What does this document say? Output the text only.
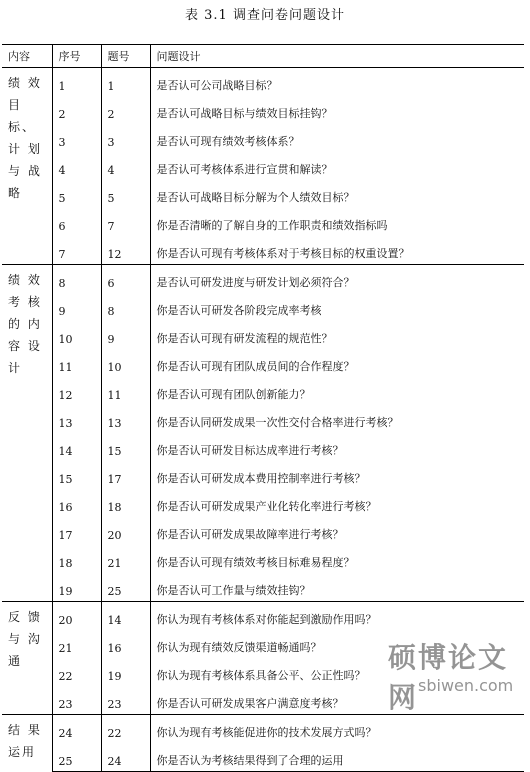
表 3.1 调查问卷问题设计
内容	序号	题号	问题设计
绩 效 目标、计 划 与 战 略	1	1	是否认可公司战略目标？
	2	2	是否认可战略目标与绩效目标挂钩？
	3	3	是否认可现有绩效考核体系？
	4	4	是否认可考核体系进行宣贯和解读？
	5	5	是否认可战略目标分解为个人绩效目标？
	6	7	你是否清晰的了解自身的工作职责和绩效指标吗
	7	12	你是否认可现有考核体系对于考核目标的权重设置？
绩 效 考 核 的 内 容 设 计	8	6	是否认可研发进度与研发计划必须符合？
	9	8	你是否认可研发各阶段完成率考核
	10	9	你是否认可现有研发流程的规范性？
	11	10	你是否认可现有团队成员间的合作程度？
	12	11	你是否认可现有团队创新能力？
	13	13	你是否认同研发成果一次性交付合格率进行考核？
	14	15	你是否认可研发目标达成率进行考核？
	15	17	你是否认可研发成本费用控制率进行考核？
	16	18	你是否认可研发成果产业化转化率进行考核？
	17	20	你是否认可研发成果故障率进行考核？
	18	21	你是否认可现有绩效考核目标难易程度？
	19	25	你是否认可工作量与绩效挂钩？
反 馈 与 沟 通	20	14	你认为现有考核体系对你能起到激励作用吗？
	21	16	你认为现有绩效反馈渠道畅通吗？
	22	19	你认为现有考核体系具备公平、公正性吗？
	23	23	你是否认可研发成果客户满意度考核？
结 果 运用	24	22	你认为现有考核能促进你的技术发展方式吗？
	25	24	你是否认为考核结果得到了合理的运用
硕博论文网 sbiwen.com
